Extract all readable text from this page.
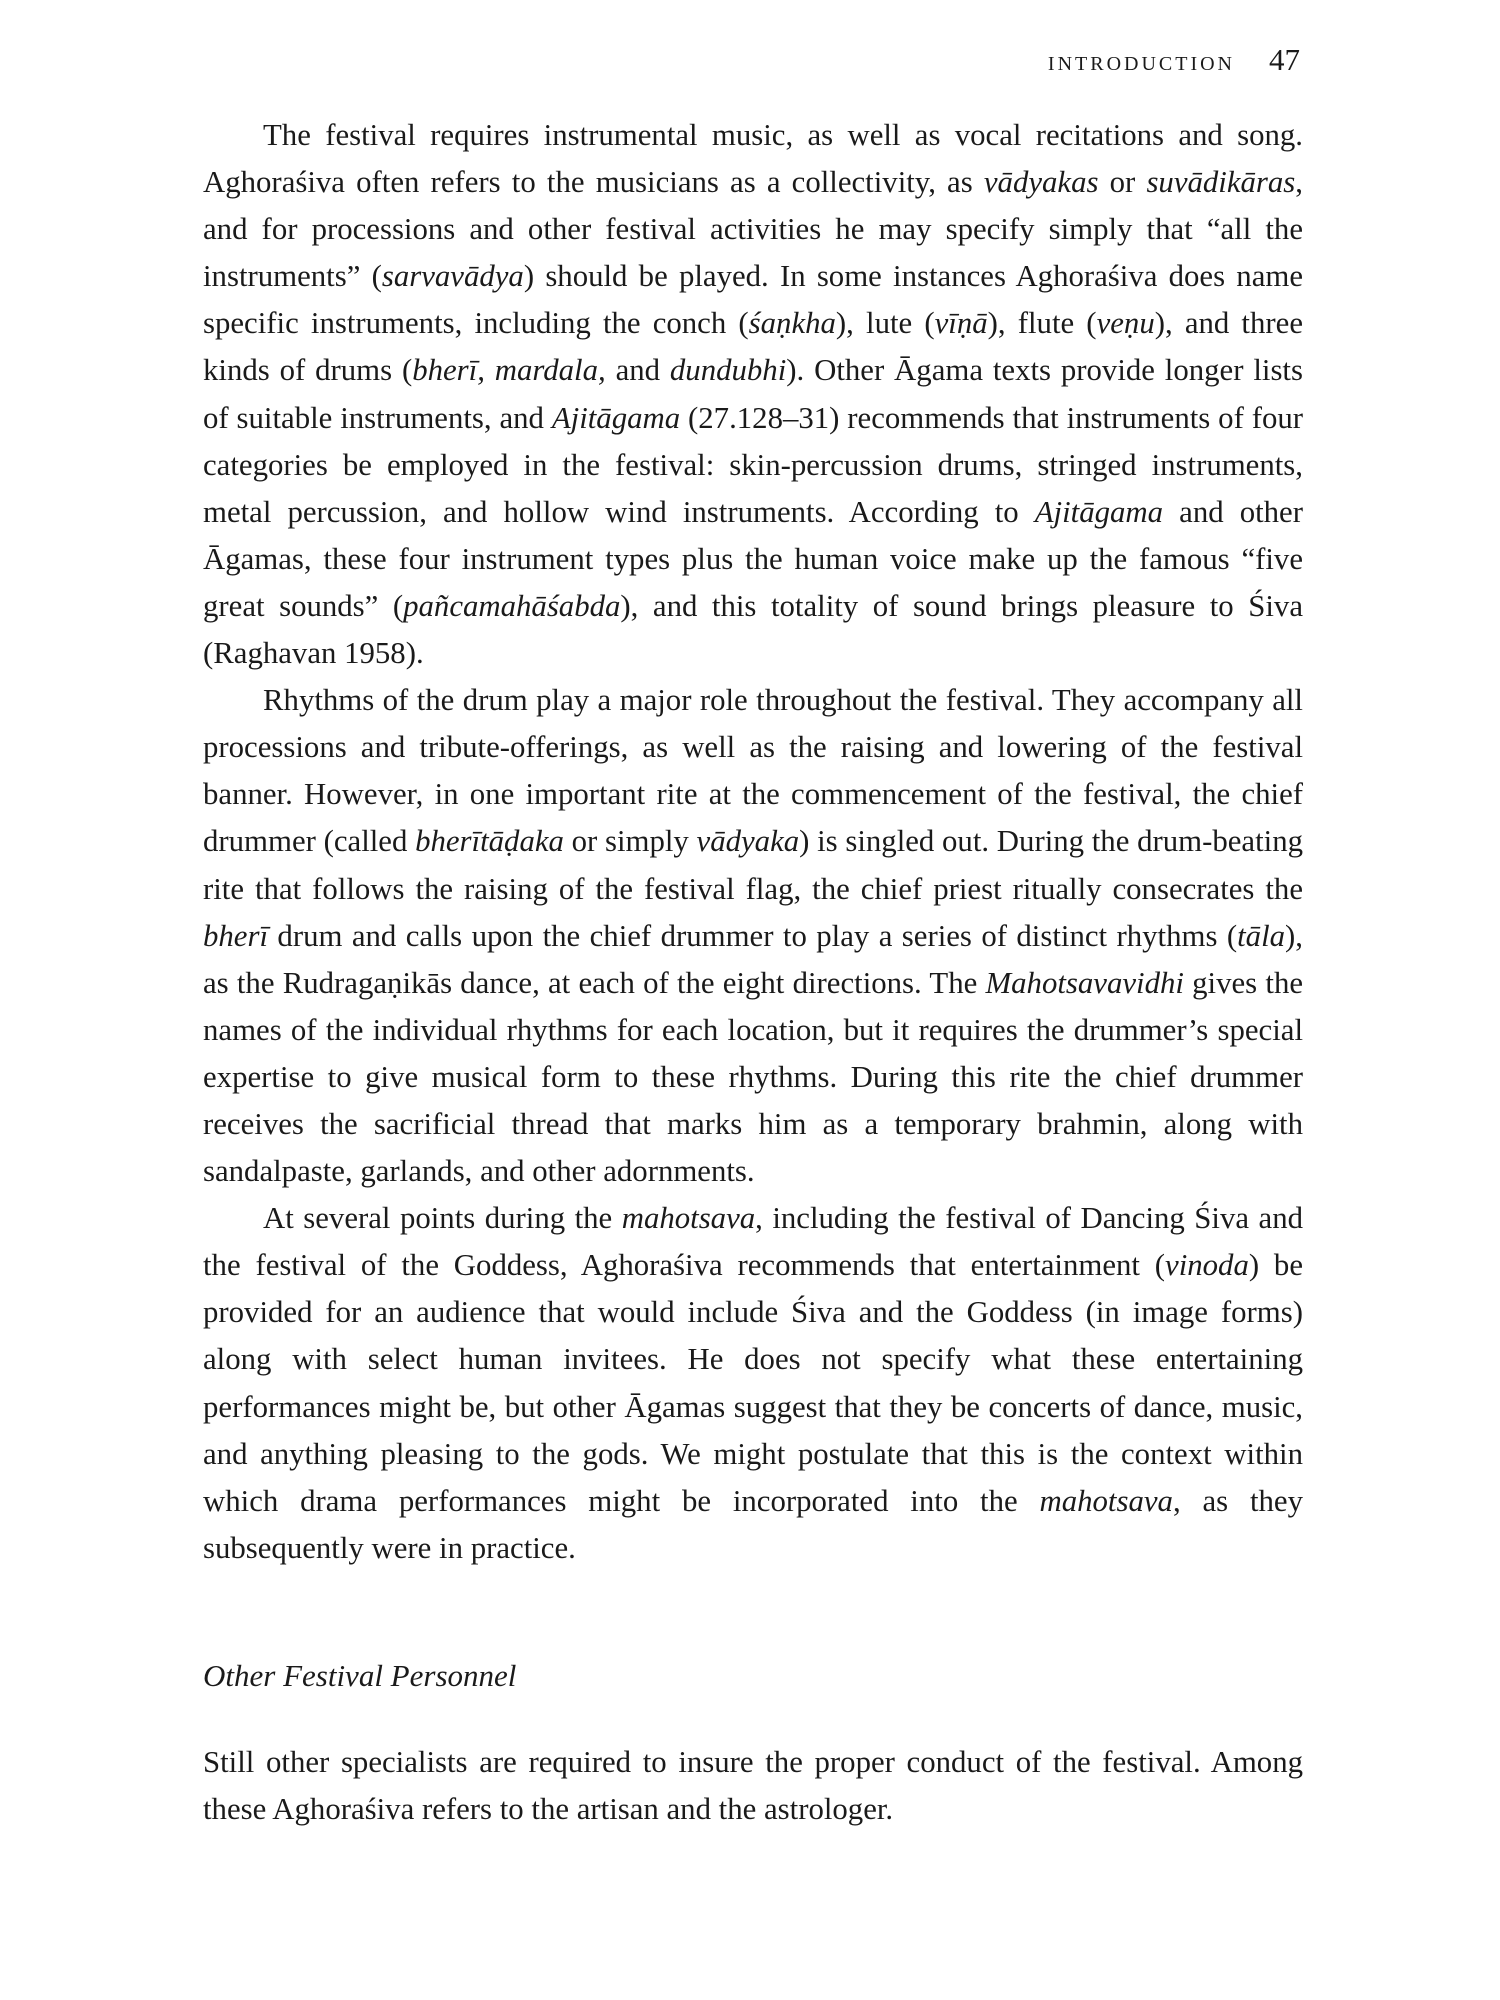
INTRODUCTION 47

The festival requires instrumental music, as well as vocal recitations and song. Aghoraśiva often refers to the musicians as a collectivity, as vādyakas or suvādikāras, and for processions and other festival activities he may specify simply that “all the instruments” (sarvavādya) should be played. In some instances Aghoraśiva does name specific instruments, including the conch (śaṇkha), lute (vīṇā), flute (veṇu), and three kinds of drums (bherī, mardala, and dundubhi). Other Āgama texts provide longer lists of suitable instruments, and Ajitāgama (27.128–31) recommends that instruments of four categories be employed in the festival: skin-percussion drums, stringed instruments, metal percussion, and hollow wind instruments. According to Ajitāgama and other Āgamas, these four instrument types plus the human voice make up the famous “five great sounds” (pañcamahāśabda), and this totality of sound brings pleasure to Śiva (Raghavan 1958).

Rhythms of the drum play a major role throughout the festival. They accompany all processions and tribute-offerings, as well as the raising and lowering of the festival banner. However, in one important rite at the commencement of the festival, the chief drummer (called bherītāḍaka or simply vādyaka) is singled out. During the drum-beating rite that follows the raising of the festival flag, the chief priest ritually consecrates the bherī drum and calls upon the chief drummer to play a series of distinct rhythms (tāla), as the Rudragaṇikās dance, at each of the eight directions. The Mahotsavavidhi gives the names of the individual rhythms for each location, but it requires the drummer’s special expertise to give musical form to these rhythms. During this rite the chief drummer receives the sacrificial thread that marks him as a temporary brahmin, along with sandalpaste, garlands, and other adornments.

At several points during the mahotsava, including the festival of Dancing Śiva and the festival of the Goddess, Aghoraśiva recommends that entertainment (vinoda) be provided for an audience that would include Śiva and the Goddess (in image forms) along with select human invitees. He does not specify what these entertaining performances might be, but other Āgamas suggest that they be concerts of dance, music, and anything pleasing to the gods. We might postulate that this is the context within which drama performances might be incorporated into the mahotsava, as they subsequently were in practice.

Other Festival Personnel

Still other specialists are required to insure the proper conduct of the festival. Among these Aghoraśiva refers to the artisan and the astrologer.
